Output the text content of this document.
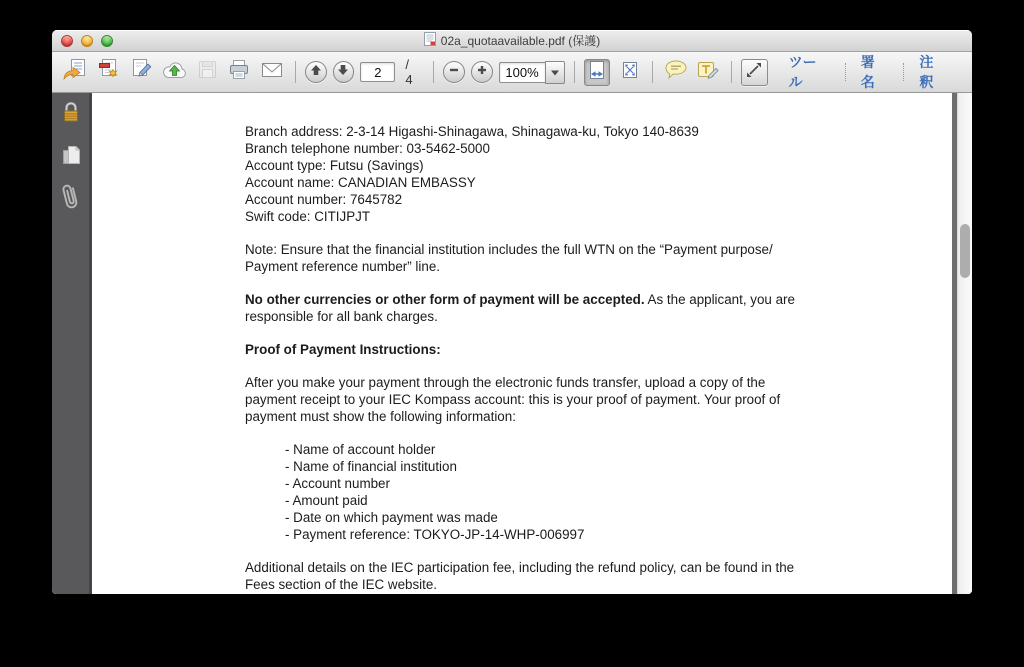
02a_quotaavailable.pdf (保護)
2
/ 4
100%
ツール
署名
注釈
Branch address: 2-3-14 Higashi-Shinagawa, Shinagawa-ku, Tokyo 140-8639
Branch telephone number: 03-5462-5000
Account type: Futsu (Savings)
Account name: CANADIAN EMBASSY
Account number: 7645782
Swift code: CITIJPJT
Note: Ensure that the financial institution includes the full WTN on the “Payment purpose/
Payment reference number” line.
No other currencies or other form of payment will be accepted. As the applicant, you are
responsible for all bank charges.
Proof of Payment Instructions:
After you make your payment through the electronic funds transfer, upload a copy of the
payment receipt to your IEC Kompass account: this is your proof of payment. Your proof of
payment must show the following information:
- Name of account holder
- Name of financial institution
- Account number
- Amount paid
- Date on which payment was made
- Payment reference: TOKYO-JP-14-WHP-006997
Additional details on the IEC participation fee, including the refund policy, can be found in the
Fees section of the IEC website.
